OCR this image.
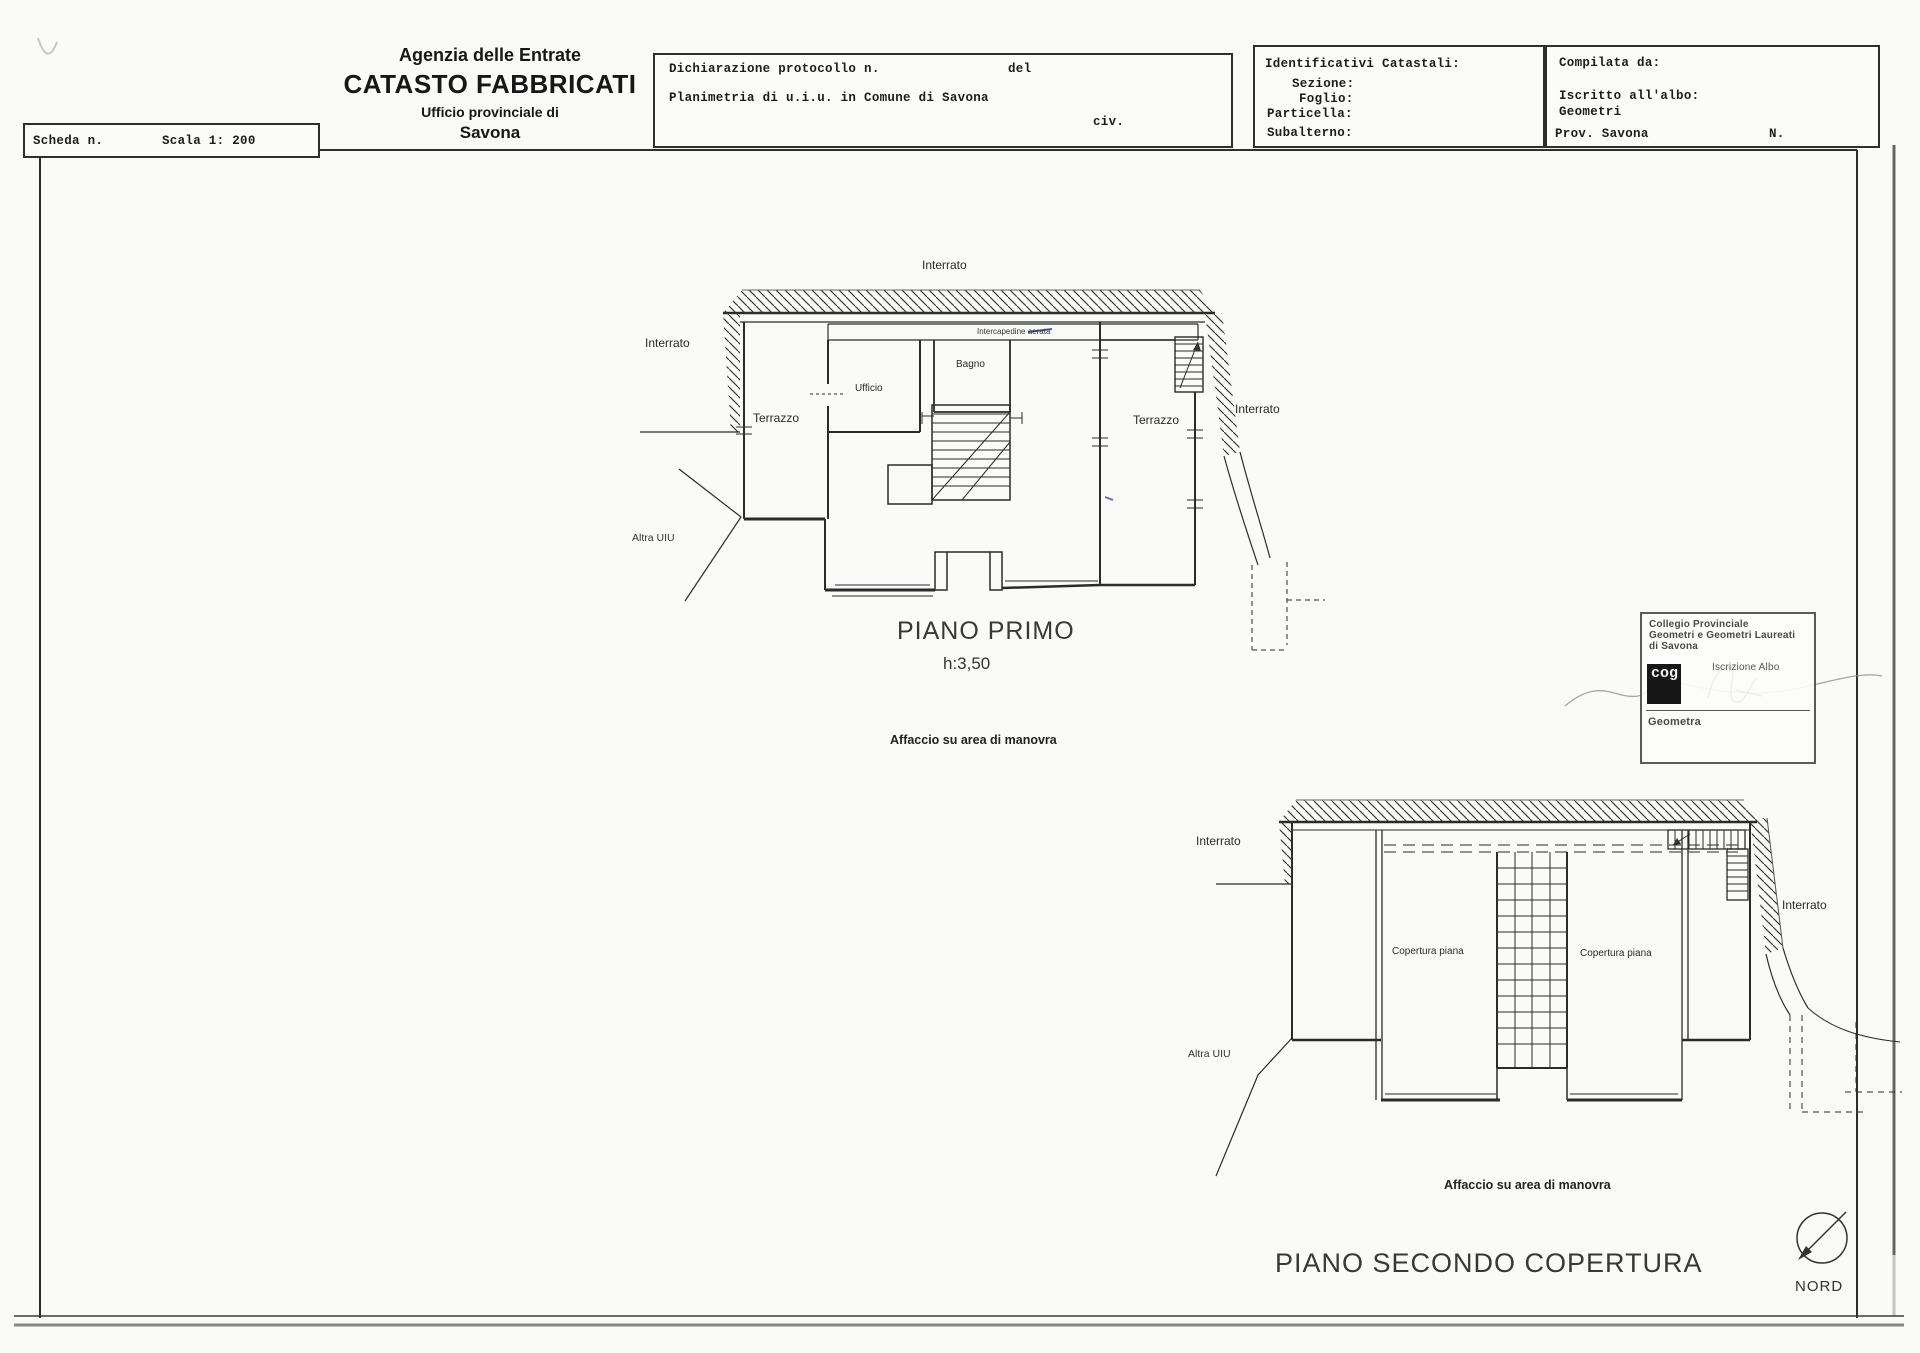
Scheda n.	Scala 1: 200
Agenzia delle Entrate
CATASTO FABBRICATI
Ufficio provinciale di
Savona
Dichiarazione protocollo n.	del
Planimetria di u.i.u. in Comune di Savona
civ.
Identificativi Catastali:
Sezione:
Foglio:
Particella:
Subalterno:
Compilata da:
Iscritto all'albo:
Geometri
Prov. Savona	N.
Interrato
Interrato
Interrato
Terrazzo	Terrazzo
Ufficio
Bagno
Intercapedine aerata
Altra UIU
PIANO PRIMO
h:3,50
Affaccio su area di manovra
Interrato
Interrato
Copertura piana	Copertura piana
Altra UIU
Affaccio su area di manovra
PIANO SECONDO COPERTURA
NORD
Collegio Provinciale
Geometri e Geometri Laureati
di Savona
cog	Iscrizione Albo
Geometra
